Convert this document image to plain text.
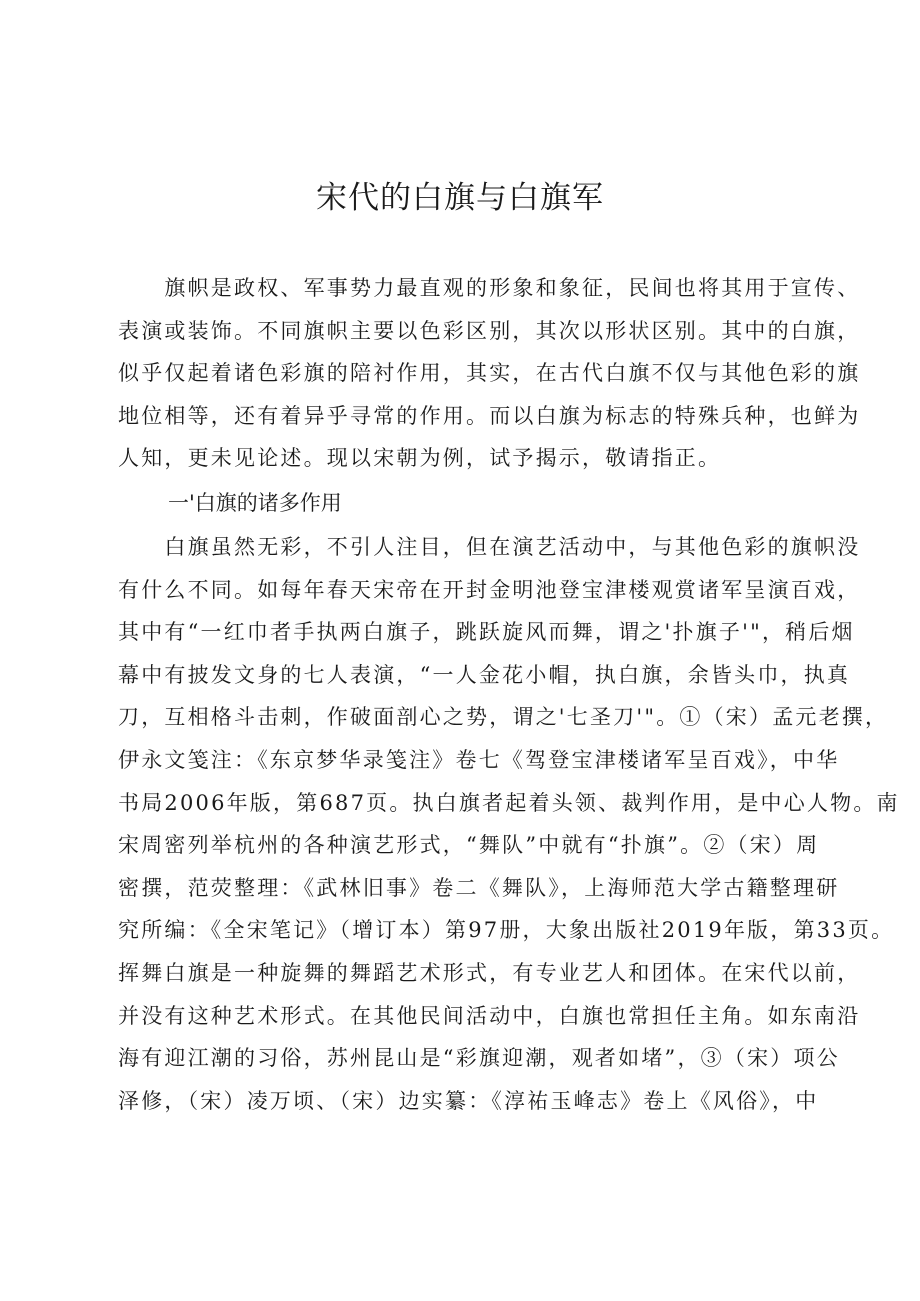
宋代的白旗与白旗军
　　旗帜是政权、军事势力最直观的形象和象征，民间也将其用于宣传、
表演或装饰。不同旗帜主要以色彩区别，其次以形状区别。其中的白旗，
似乎仅起着诸色彩旗的陪衬作用，其实，在古代白旗不仅与其他色彩的旗
地位相等，还有着异乎寻常的作用。而以白旗为标志的特殊兵种，也鲜为
人知，更未见论述。现以宋朝为例，试予揭示，敬请指正。
一'白旗的诸多作用
　　白旗虽然无彩，不引人注目，但在演艺活动中，与其他色彩的旗帜没
有什么不同。如每年春天宋帝在开封金明池登宝津楼观赏诸军呈演百戏，
其中有“一红巾者手执两白旗子，跳跃旋风而舞，谓之'扑旗子'"，稍后烟
幕中有披发文身的七人表演，“一人金花小帽，执白旗，余皆头巾，执真
刀，互相格斗击刺，作破面剖心之势，谓之'七圣刀'"。①（宋）孟元老撰，
伊永文笺注：《东京梦华录笺注》卷七《驾登宝津楼诸军呈百戏》，中华
书局2006年版，第687页。执白旗者起着头领、裁判作用，是中心人物。南
宋周密列举杭州的各种演艺形式，“舞队”中就有“扑旗”。②（宋）周
密撰，范荧整理：《武林旧事》卷二《舞队》，上海师范大学古籍整理研
究所编：《全宋笔记》（增订本）第97册，大象出版社2019年版，第33页。
挥舞白旗是一种旋舞的舞蹈艺术形式，有专业艺人和团体。在宋代以前，
并没有这种艺术形式。在其他民间活动中，白旗也常担任主角。如东南沿
海有迎江潮的习俗，苏州昆山是“彩旗迎潮，观者如堵”，③（宋）项公
泽修，（宋）凌万顷、（宋）边实纂：《淳祐玉峰志》卷上《风俗》，中
